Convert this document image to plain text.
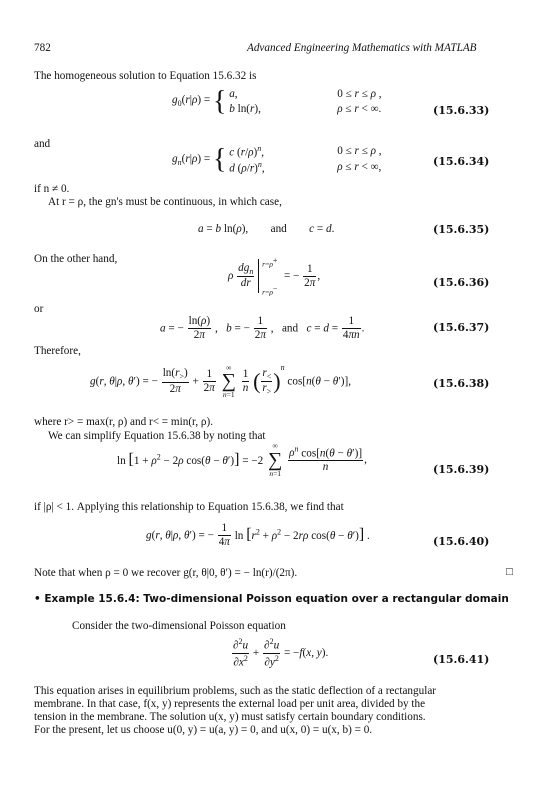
782	Advanced Engineering Mathematics with MATLAB
The homogeneous solution to Equation 15.6.32 is
$g_0(r|\rho)$ = { a,	0 ≤ r ≤ ρ ,
b ln(r),	ρ ≤ r < ∞.	(15.6.33)
and
$g_n(r|\rho)$ = { c $(r/\rho)^n$,	0 ≤ r ≤ ρ ,
d $(\rho/r)^n$,	ρ ≤ r < ∞,	(15.6.34)
if n ≠ 0.
At r = ρ, the gn's must be continuous, in which case,
a = b ln(ρ),        and        c = d.	(15.6.35)
On the other hand,
ρ $\frac{dg_n}{dr}$
r=ρ+
r=ρ−
= − $\frac{1}{2\pi}$ ,	(15.6.36)
or
a = − $\frac{\ln(\rho)}{2\pi}$ ,   b = − $\frac{1}{2\pi}$ ,   and   $c = d = \frac{1}{4\pi n}$ .	(15.6.37)
Therefore,
g(r, θ|ρ, θ′) = − $\frac{\ln(r_>)}{2\pi} + \frac{1}{2\pi}$

∞
∑
n=1

$\frac{1}{n}$ ( $\frac{r_<}{r_>} )^n$ cos[n(θ − θ′)],	(15.6.38)
where r> = max(r, ρ) and r< = min(r, ρ).
We can simplify Equation 15.6.38 by noting that
$\ln [1 + \rho^2 - 2\rho$ cos(θ − θ′)] = −2
∞
∑
n=1
$\frac{\rho^n \cos[n(\theta - \theta')]}{n}$ ,
(15.6.39)
if |ρ| < 1. Applying this relationship to Equation 15.6.38, we find that
g(r, θ|ρ, θ′) = − $\frac{1}{4\pi}$ $\ln [r^2 + \rho^2 - 2r\rho$ cos(θ − θ′)] .	(15.6.40)
Note that when ρ = 0 we recover g(r, θ|0, θ′) = − ln(r)/(2π).	□
• Example 15.6.4: Two-dimensional Poisson equation over a rectangular domain
Consider the two-dimensional Poisson equation
$\frac{\partial^2u}{\partial x^2} + \frac{\partial^2u}{\partial y^2} = -f(x$, y).	(15.6.41)
This equation arises in equilibrium problems, such as the static deflection of a rectangular
membrane. In that case, f(x, y) represents the external load per unit area, divided by the
tension in the membrane. The solution u(x, y) must satisfy certain boundary conditions.
For the present, let us choose u(0, y) = u(a, y) = 0, and u(x, 0) = u(x, b) = 0.
